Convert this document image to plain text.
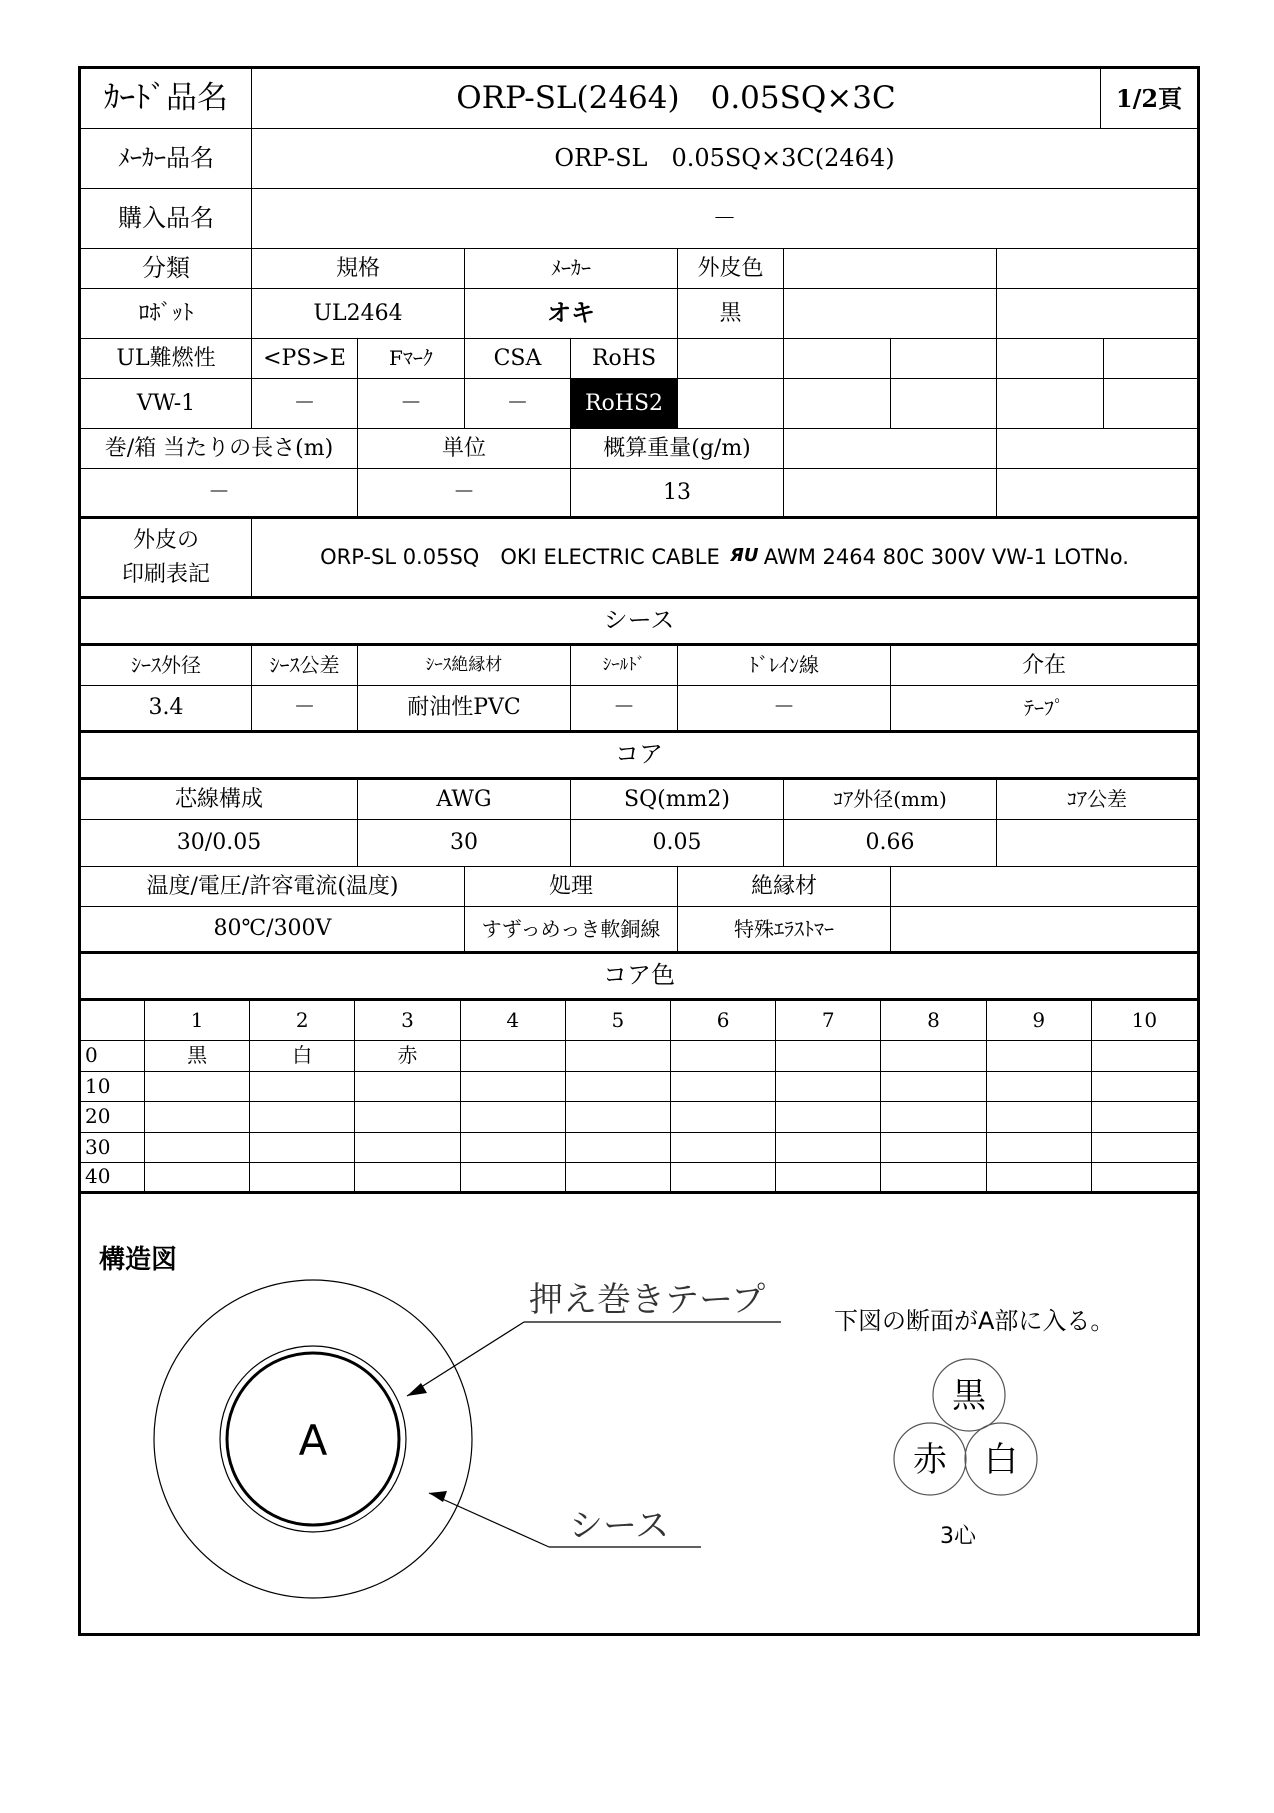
ｶｰﾄﾞ品名	ORP-SL(2464)　0.05SQ×3C	1/2頁
ﾒｰｶｰ品名	ORP-SL　0.05SQ×3C(2464)
購入品名	－
分類	規格	ﾒｰｶｰ	外皮色
ﾛﾎﾞｯﾄ	UL2464	オキ	黒
UL難燃性	<PS>E	Fﾏｰｸ	CSA	RoHS
VW-1	－	－	－	RoHS2
巻/箱 当たりの長さ(m)	単位	概算重量(g/m)
－	－	13
外皮の
印刷表記
ORP-SL 0.05SQ　OKI ELECTRIC CABLE ЯU AWM 2464 80C 300V VW-1 LOTNo.
シース
ｼｰｽ外径	ｼｰｽ公差	ｼｰｽ絶縁材	ｼｰﾙﾄﾞ	ﾄﾞﾚｲﾝ線	介在
3.4	－	耐油性PVC	－	－	ﾃｰﾌﾟ
コア
芯線構成	AWG	SQ(mm2)	ｺｱ外径(mm)	ｺｱ公差
30/0.05	30	0.05	0.66
温度/電圧/許容電流(温度)	処理	絶縁材
80℃/300V	すずっめっき軟銅線	特殊ｴﾗｽﾄﾏｰ
コア色
1	2	3	4	5	6	7	8	9	10
0	黒	白	赤
10
20
30
40
構造図
A
押え巻きテープ
シース
下図の断面がA部に入る。
黒
赤 白
3心
